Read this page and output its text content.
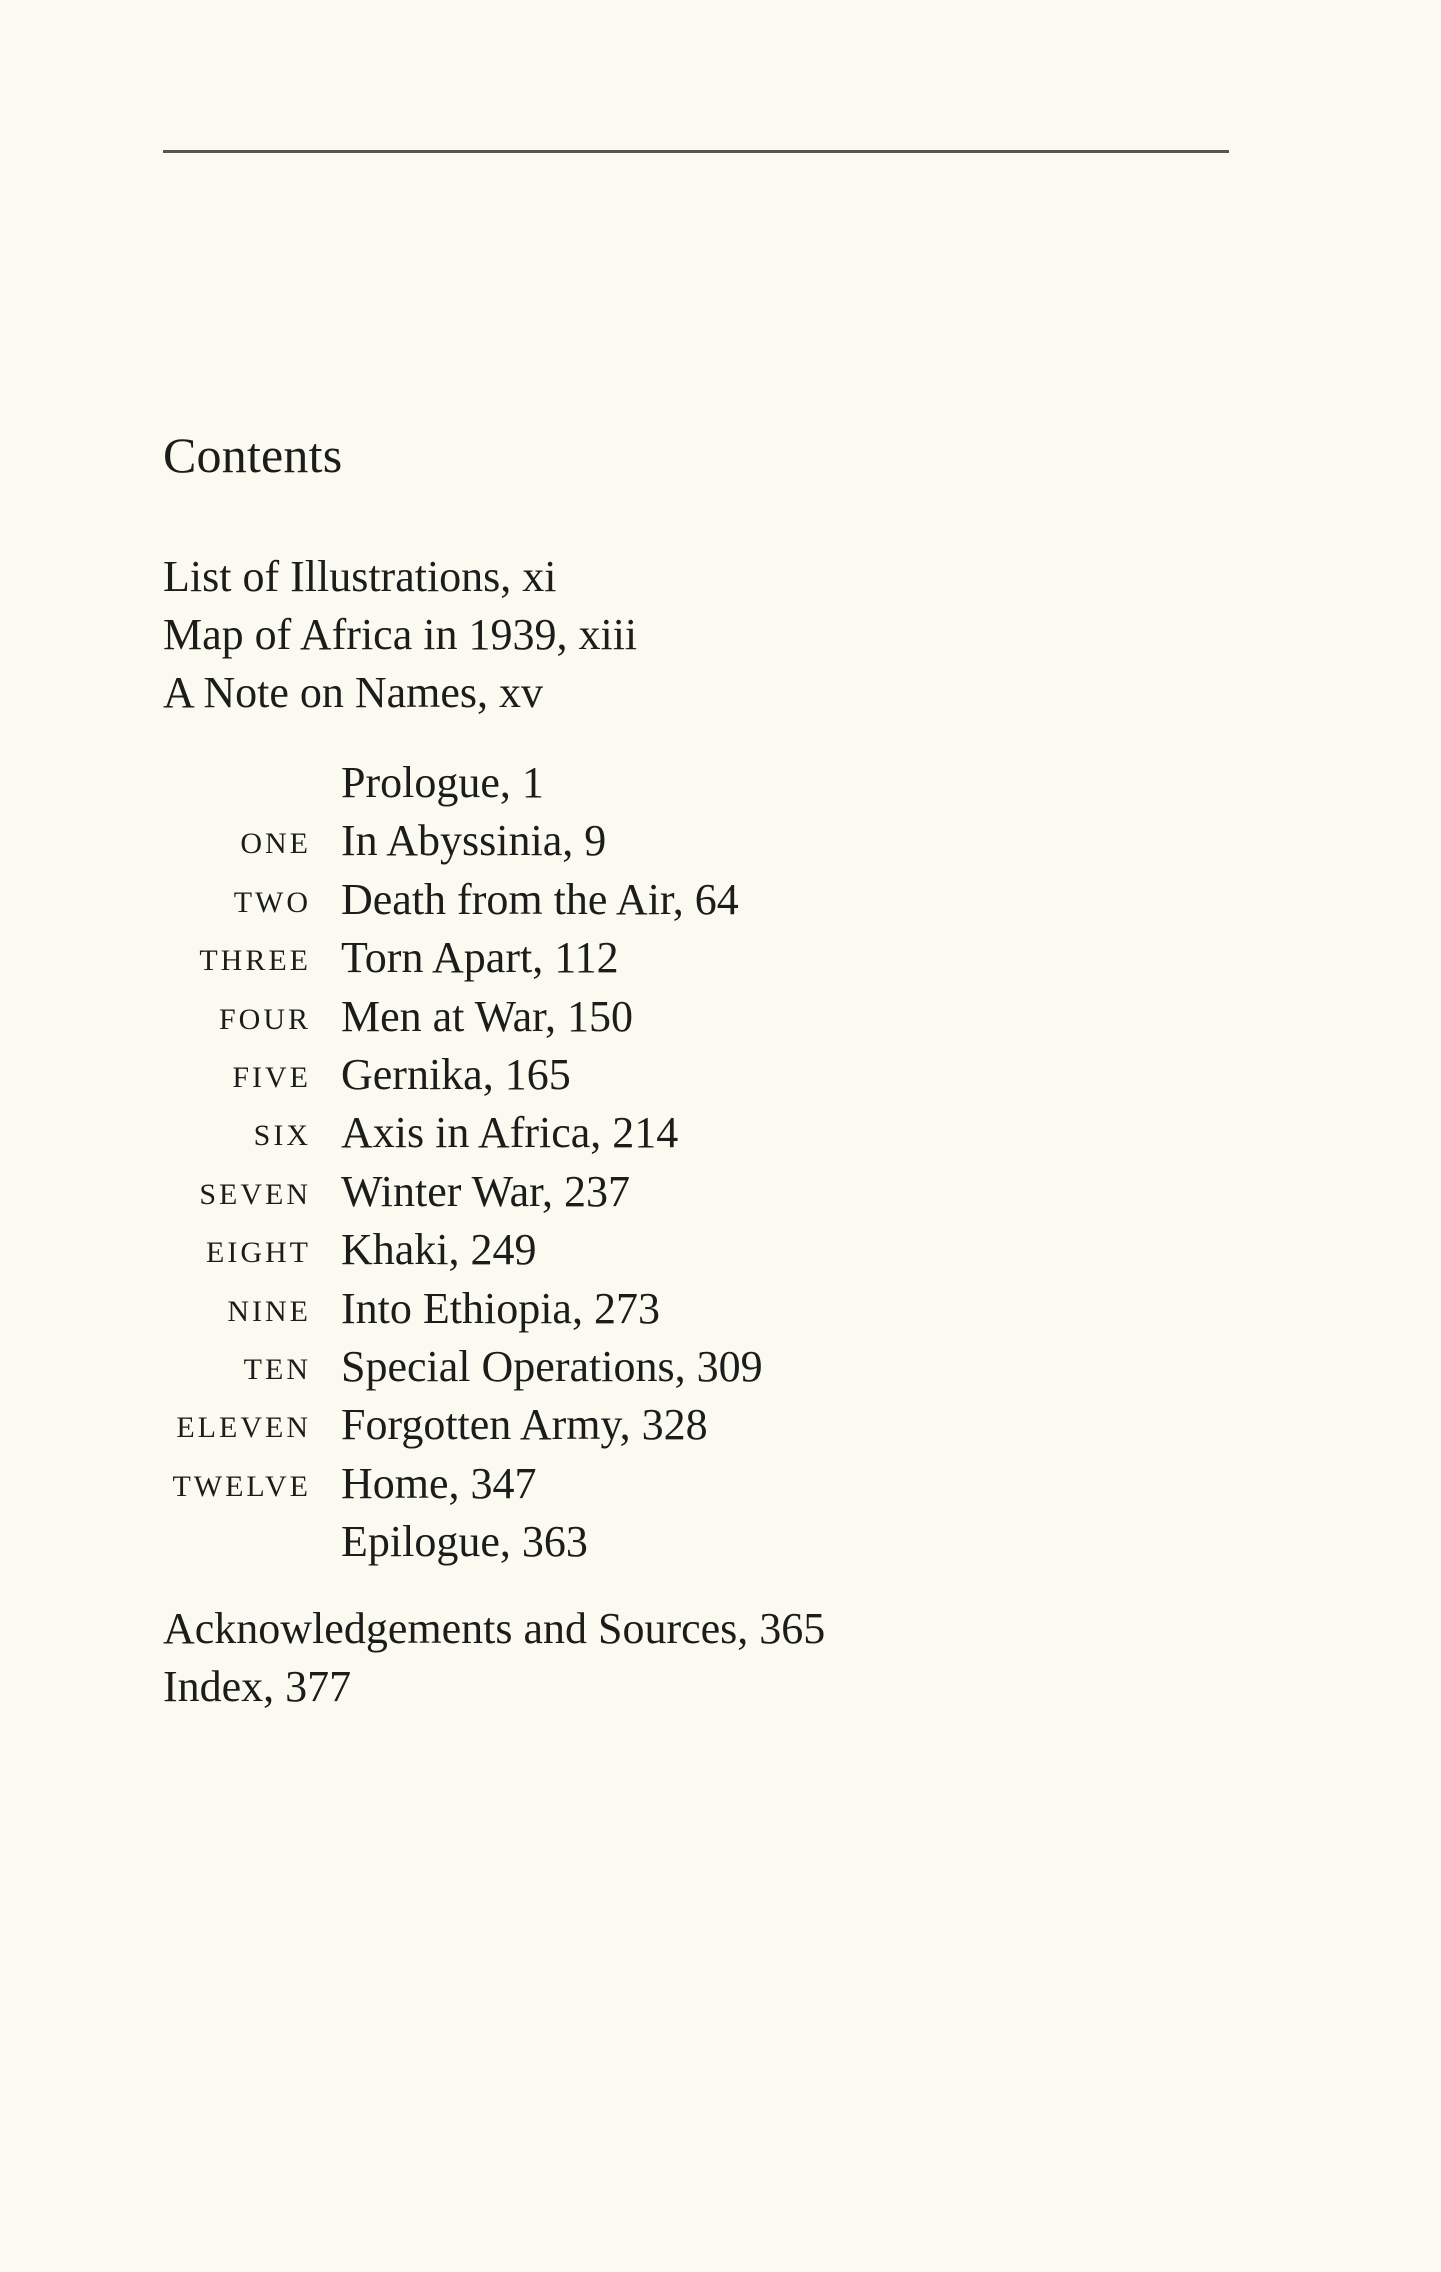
Contents
List of Illustrations, xi
Map of Africa in 1939, xiii
A Note on Names, xv
Prologue, 1
ONE In Abyssinia, 9
TWO Death from the Air, 64
THREE Torn Apart, 112
FOUR Men at War, 150
FIVE Gernika, 165
SIX Axis in Africa, 214
SEVEN Winter War, 237
EIGHT Khaki, 249
NINE Into Ethiopia, 273
TEN Special Operations, 309
ELEVEN Forgotten Army, 328
TWELVE Home, 347
Epilogue, 363
Acknowledgements and Sources, 365
Index, 377
